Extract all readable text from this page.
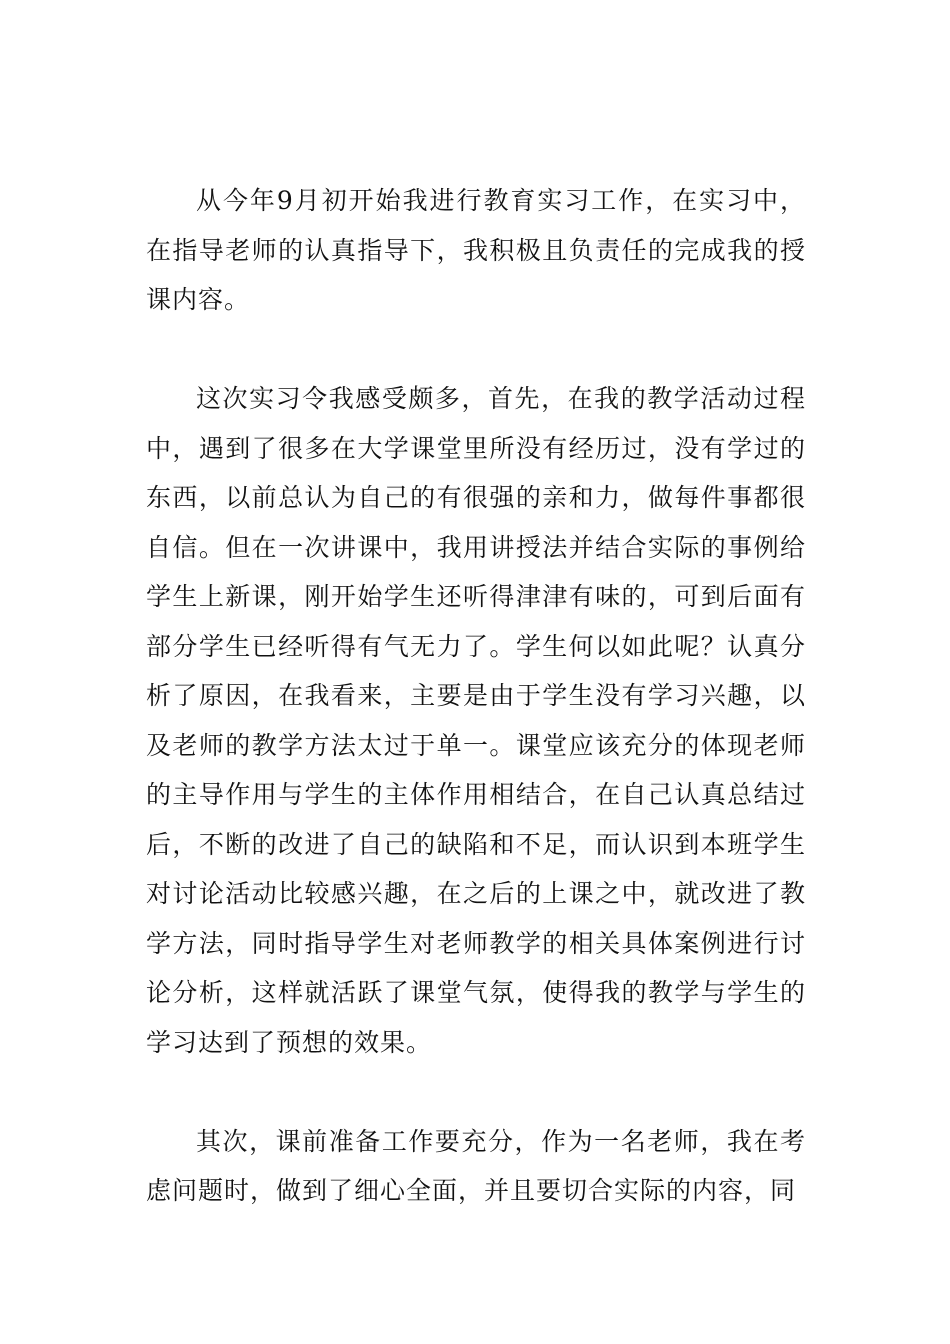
从今年9月初开始我进行教育实习工作，在实习中，在指导老师的认真指导下，我积极且负责任的完成我的授课内容。

这次实习令我感受颇多，首先，在我的教学活动过程中，遇到了很多在大学课堂里所没有经历过，没有学过的东西，以前总认为自己的有很强的亲和力，做每件事都很自信。但在一次讲课中，我用讲授法并结合实际的事例给学生上新课，刚开始学生还听得津津有味的，可到后面有部分学生已经听得有气无力了。学生何以如此呢？认真分析了原因，在我看来，主要是由于学生没有学习兴趣，以及老师的教学方法太过于单一。课堂应该充分的体现老师的主导作用与学生的主体作用相结合，在自己认真总结过后，不断的改进了自己的缺陷和不足，而认识到本班学生对讨论活动比较感兴趣，在之后的上课之中，就改进了教学方法，同时指导学生对老师教学的相关具体案例进行讨论分析，这样就活跃了课堂气氛，使得我的教学与学生的学习达到了预想的效果。

其次，课前准备工作要充分，作为一名老师，我在考虑问题时，做到了细心全面，并且要切合实际的内容，同
